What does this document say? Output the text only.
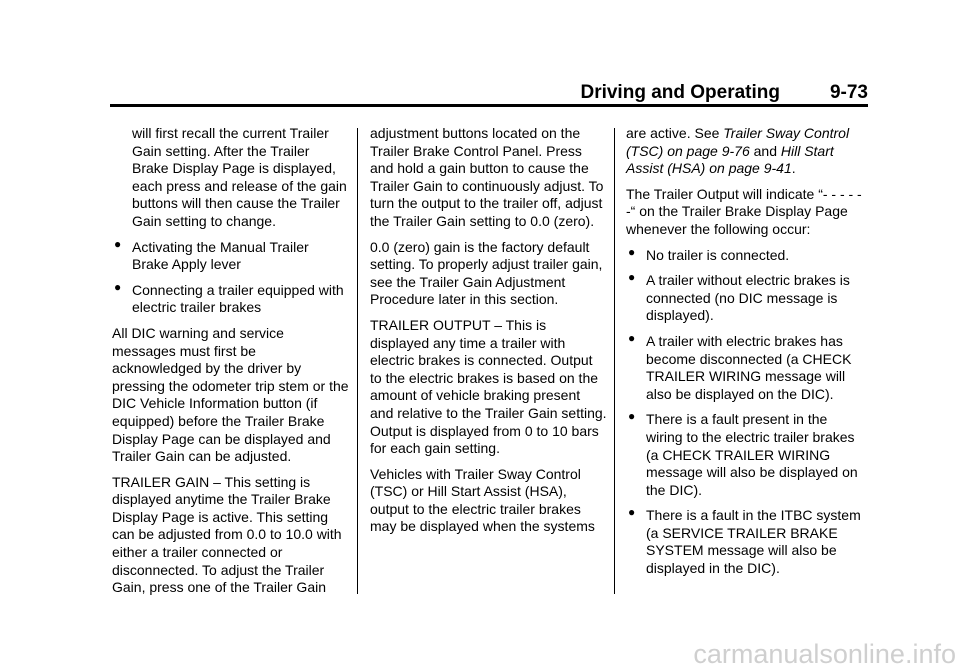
Driving and Operating	9-73

will first recall the current Trailer Gain setting. After the Trailer Brake Display Page is displayed, each press and release of the gain buttons will then cause the Trailer Gain setting to change.

● Activating the Manual Trailer Brake Apply lever
● Connecting a trailer equipped with electric trailer brakes

All DIC warning and service messages must first be acknowledged by the driver by pressing the odometer trip stem or the DIC Vehicle Information button (if equipped) before the Trailer Brake Display Page can be displayed and Trailer Gain can be adjusted.

TRAILER GAIN – This setting is displayed anytime the Trailer Brake Display Page is active. This setting can be adjusted from 0.0 to 10.0 with either a trailer connected or disconnected. To adjust the Trailer Gain, press one of the Trailer Gain

adjustment buttons located on the Trailer Brake Control Panel. Press and hold a gain button to cause the Trailer Gain to continuously adjust. To turn the output to the trailer off, adjust the Trailer Gain setting to 0.0 (zero).

0.0 (zero) gain is the factory default setting. To properly adjust trailer gain, see the Trailer Gain Adjustment Procedure later in this section.

TRAILER OUTPUT – This is displayed any time a trailer with electric brakes is connected. Output to the electric brakes is based on the amount of vehicle braking present and relative to the Trailer Gain setting. Output is displayed from 0 to 10 bars for each gain setting.

Vehicles with Trailer Sway Control (TSC) or Hill Start Assist (HSA), output to the electric trailer brakes may be displayed when the systems

are active. See Trailer Sway Control (TSC) on page 9-76 and Hill Start Assist (HSA) on page 9-41.

The Trailer Output will indicate “- - - - - -“ on the Trailer Brake Display Page whenever the following occur:

● No trailer is connected.
● A trailer without electric brakes is connected (no DIC message is displayed).
● A trailer with electric brakes has become disconnected (a CHECK TRAILER WIRING message will also be displayed on the DIC).
● There is a fault present in the wiring to the electric trailer brakes (a CHECK TRAILER WIRING message will also be displayed on the DIC).
● There is a fault in the ITBC system (a SERVICE TRAILER BRAKE SYSTEM message will also be displayed in the DIC).
carmanualsonline.info
